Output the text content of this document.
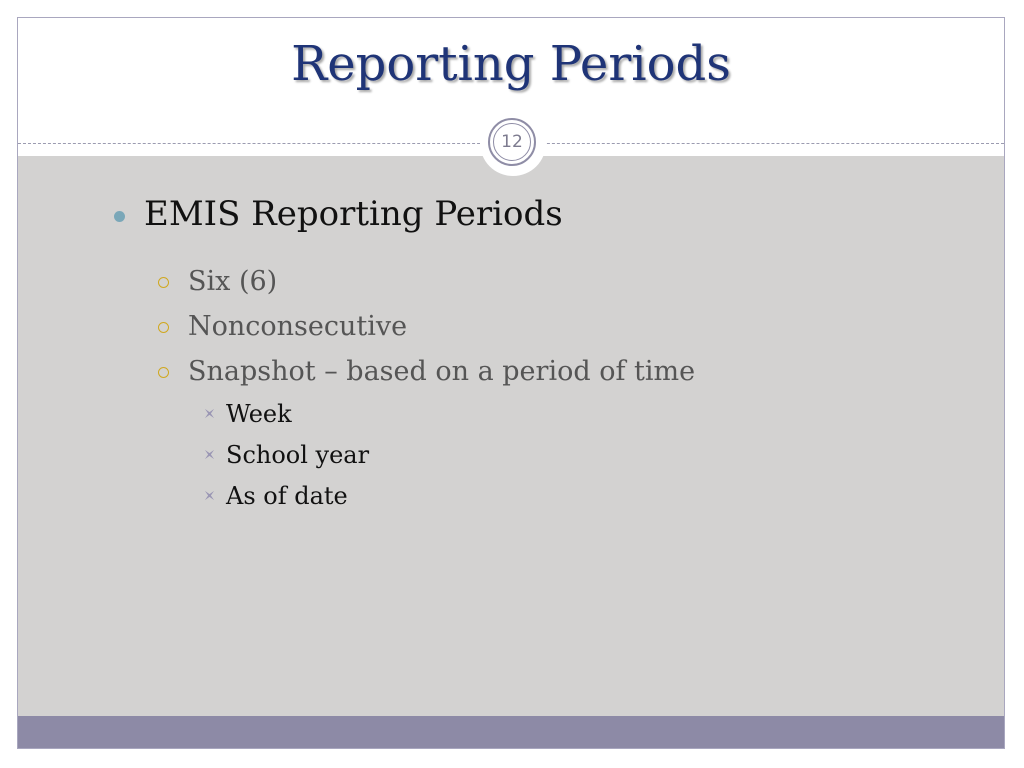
Reporting Periods
12
EMIS Reporting Periods
Six (6)
Nonconsecutive
Snapshot – based on a period of time
Week
School year
As of date
